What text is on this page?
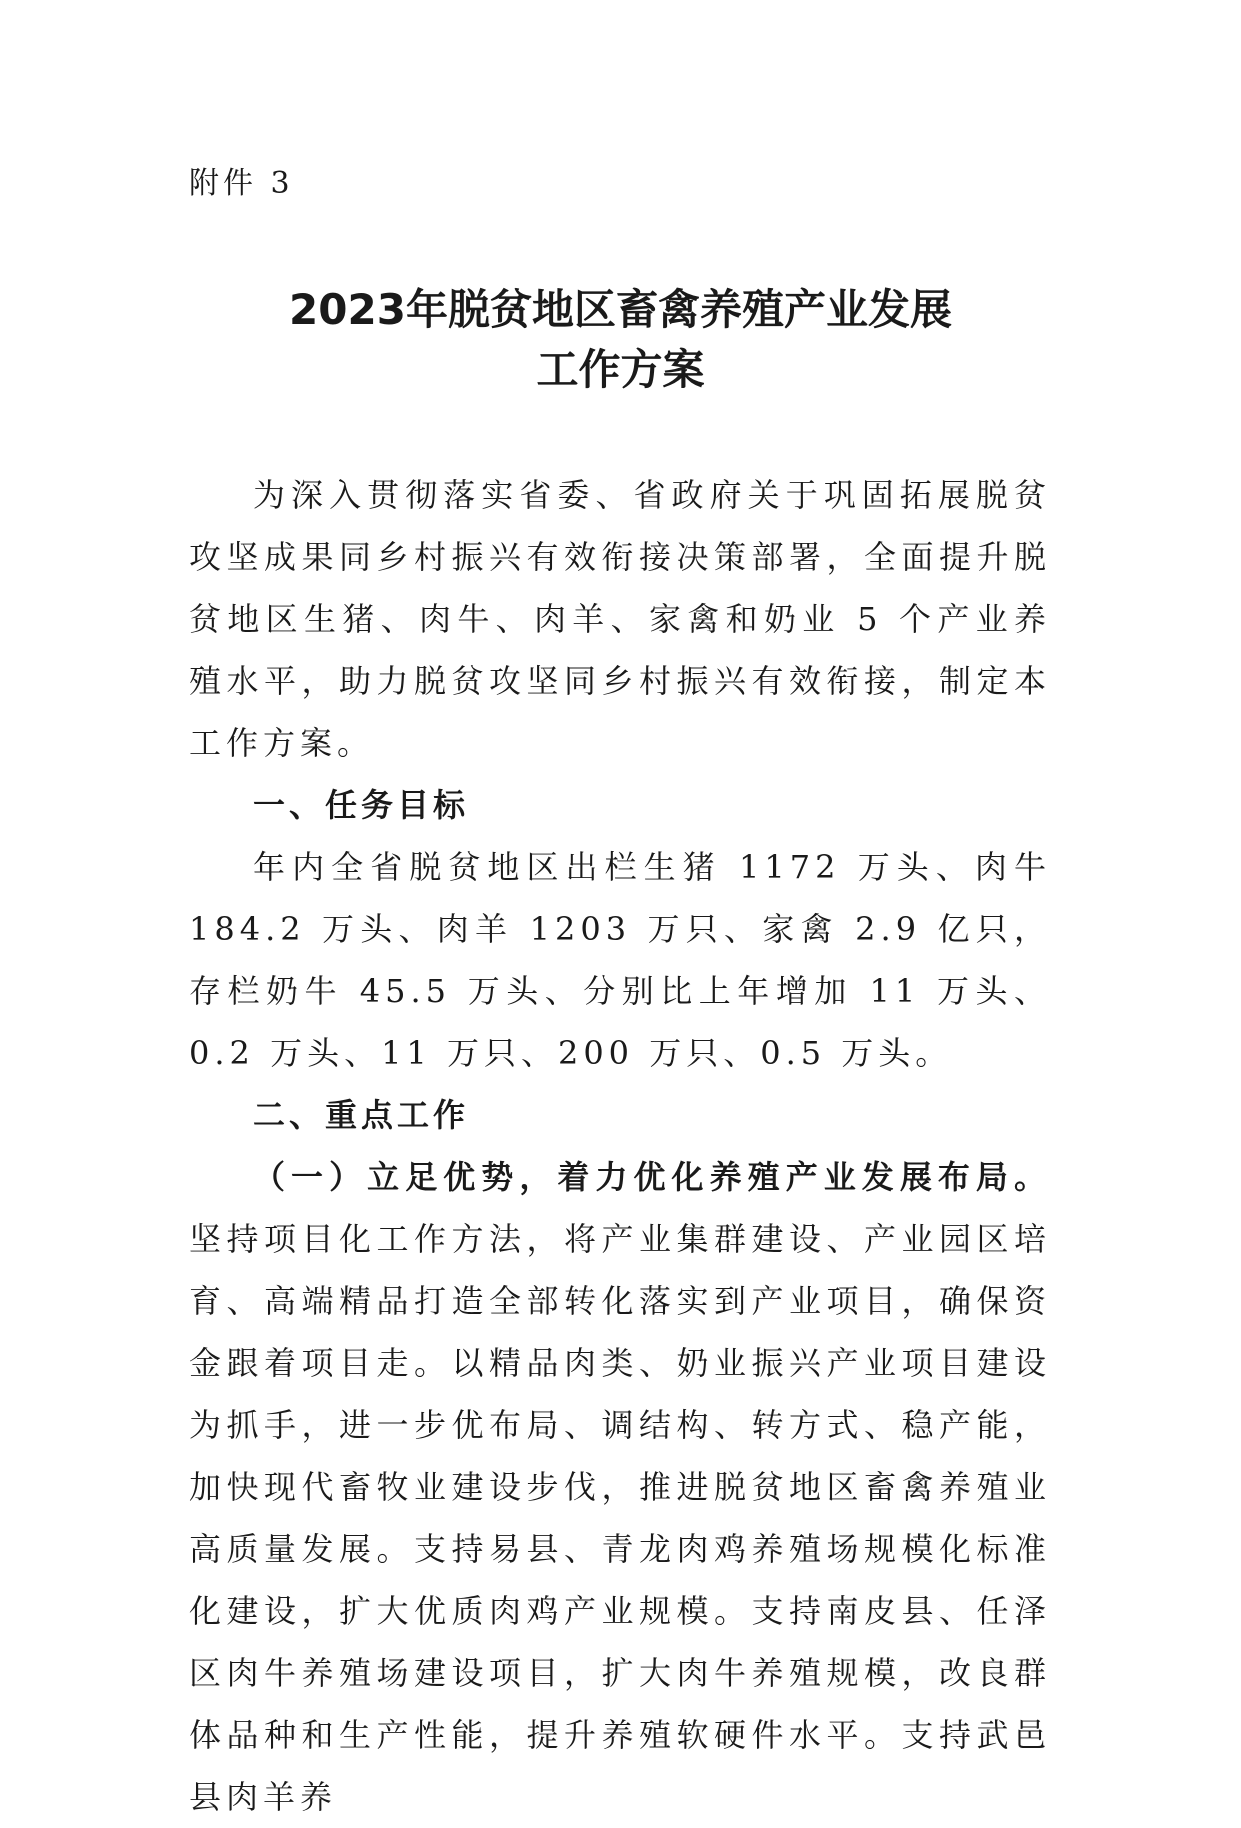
附件 3
2023年脱贫地区畜禽养殖产业发展
工作方案

为深入贯彻落实省委、省政府关于巩固拓展脱贫攻坚成果同乡村振兴有效衔接决策部署，全面提升脱贫地区生猪、肉牛、肉羊、家禽和奶业 5 个产业养殖水平，助力脱贫攻坚同乡村振兴有效衔接，制定本工作方案。

一、任务目标

年内全省脱贫地区出栏生猪 1172 万头、肉牛 184.2 万头、肉羊 1203 万只、家禽 2.9 亿只，存栏奶牛 45.5 万头、分别比上年增加 11 万头、0.2 万头、11 万只、200 万只、0.5 万头。

二、重点工作

（一）立足优势，着力优化养殖产业发展布局。坚持项目化工作方法，将产业集群建设、产业园区培育、高端精品打造全部转化落实到产业项目，确保资金跟着项目走。以精品肉类、奶业振兴产业项目建设为抓手，进一步优布局、调结构、转方式、稳产能，加快现代畜牧业建设步伐，推进脱贫地区畜禽养殖业高质量发展。支持易县、青龙肉鸡养殖场规模化标准化建设，扩大优质肉鸡产业规模。支持南皮县、任泽区肉牛养殖场建设项目，扩大肉牛养殖规模，改良群体品种和生产性能，提升养殖软硬件水平。支持武邑县肉羊养
